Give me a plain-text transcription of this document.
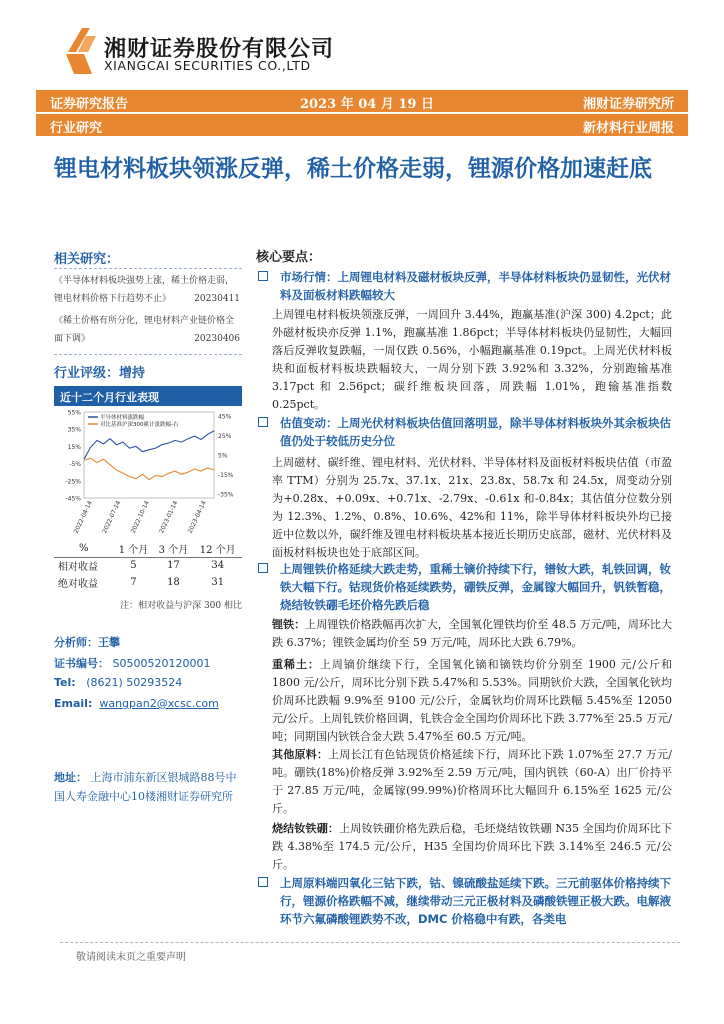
湘财证券股份有限公司
XIANGCAI SECURITIES CO.,LTD
证券研究报告	2023 年 04 月 19 日	湘财证券研究所
行业研究	新材料行业周报
锂电材料板块领涨反弹，稀土价格走弱，锂源价格加速赶底
相关研究：
《半导体材料板块强势上涨，稀土价格走弱，锂电材料价格下行趋势不止》	20230411
《稀土价格有所分化，锂电材料产业链价格全面下调》	20230406
行业评级：增持
近十二个月行业表现
55%
35%
15%
-5%
-25%
-45%
45%
25%
5%
-15%
-35%
2022-04-14 2022-07-14 2022-10-14 2023-01-14 2023-04-14
半导体材料涨跌幅
对比基准沪深300累计涨跌幅-右
%	1 个月	3 个月	12 个月
相对收益	5	17	34
绝对收益	7	18	31
注：相对收益与沪深 300 相比
分析师：王攀
证书编号： S0500520120001
Tel: (8621) 50293524
Email: wangpan2@xcsc.com
地址： 上海市浦东新区银城路88号中国人寿金融中心10楼湘财证券研究所
核心要点：
市场行情：上周锂电材料及磁材板块反弹，半导体材料板块仍显韧性，光伏材料及面板材料跌幅较大
上周锂电材料板块领涨反弹，一周回升 3.44%，跑赢基准(沪深 300) 4.2pct；此外磁材板块亦反弹 1.1%，跑赢基准 1.86pct；半导体材料板块仍显韧性，大幅回落后反弹收复跌幅，一周仅跌 0.56%，小幅跑赢基准 0.19pct。上周光伏材料板块和面板材料板块跌幅较大，一周分别下跌 3.92%和 3.32%，分别跑输基准 3.17pct 和 2.56pct；碳纤维板块回落，周跌幅 1.01%，跑输基准指数 0.25pct。
估值变动：上周光伏材料板块估值回落明显，除半导体材料板块外其余板块估值仍处于较低历史分位
上周磁材、碳纤维、锂电材料、光伏材料、半导体材料及面板材料板块估值（市盈率 TTM）分别为 25.7x、37.1x、21x、23.8x、58.7x 和 24.5x，周变动分别为+0.28x、+0.09x、+0.71x、-2.79x、-0.61x 和-0.84x；其估值分位数分别为 12.3%、1.2%、0.8%、10.6%、42%和 11%，除半导体材料板块外均已接近中位数以外，碳纤维及锂电材料板块基本接近长期历史底部，磁材、光伏材料及面板材料板块也处于底部区间。
上周锂铁价格延续大跌走势，重稀土镝价持续下行，镨钕大跌，轧铁回调，钕铁大幅下行。钴现货价格延续跌势，硼铁反弹，金属镓大幅回升，钒铁暂稳，烧结钕铁硼毛坯价格先跌后稳
锂铁：上周锂铁价格跌幅再次扩大，全国氧化锂铁均价至 48.5 万元/吨，周环比大跌 6.37%；锂铁金属均价至 59 万元/吨，周环比大跌 6.79%。
重稀土：上周镝价继续下行，全国氧化镝和镝铁均价分别至 1900 元/公斤和 1800 元/公斤，周环比分别下跌 5.47%和 5.53%。同期钬价大跌，全国氧化钬均价周环比跌幅 9.9%至 9100 元/公斤，金属钬均价周环比跌幅 5.45%至 12050 元/公斤。上周钆铁价格回调，钆铁合金全国均价周环比下跌 3.77%至 25.5 万元/吨；同期国内钬铁合金大跌 5.47%至 60.5 万元/吨。
其他原料：上周长江有色钴现货价格延续下行，周环比下跌 1.07%至 27.7 万元/吨。硼铁(18%)价格反弹 3.92%至 2.59 万元/吨，国内钒铁（60-A）出厂价持平于 27.85 万元/吨，金属镓(99.99%)价格周环比大幅回升 6.15%至 1625 元/公斤。
烧结钕铁硼：上周钕铁硼价格先跌后稳，毛坯烧结钕铁硼 N35 全国均价周环比下跌 4.38%至 174.5 元/公斤，H35 全国均价周环比下跌 3.14%至 246.5 元/公斤。
上周原料端四氧化三钴下跌，钴、镍硫酸盐延续下跌。三元前驱体价格持续下行，锂源价格跌幅不减，继续带动三元正极材料及磷酸铁锂正极大跌。电解液环节六氟磷酸锂跌势不改，DMC 价格稳中有跌，各类电
敬请阅读末页之重要声明
